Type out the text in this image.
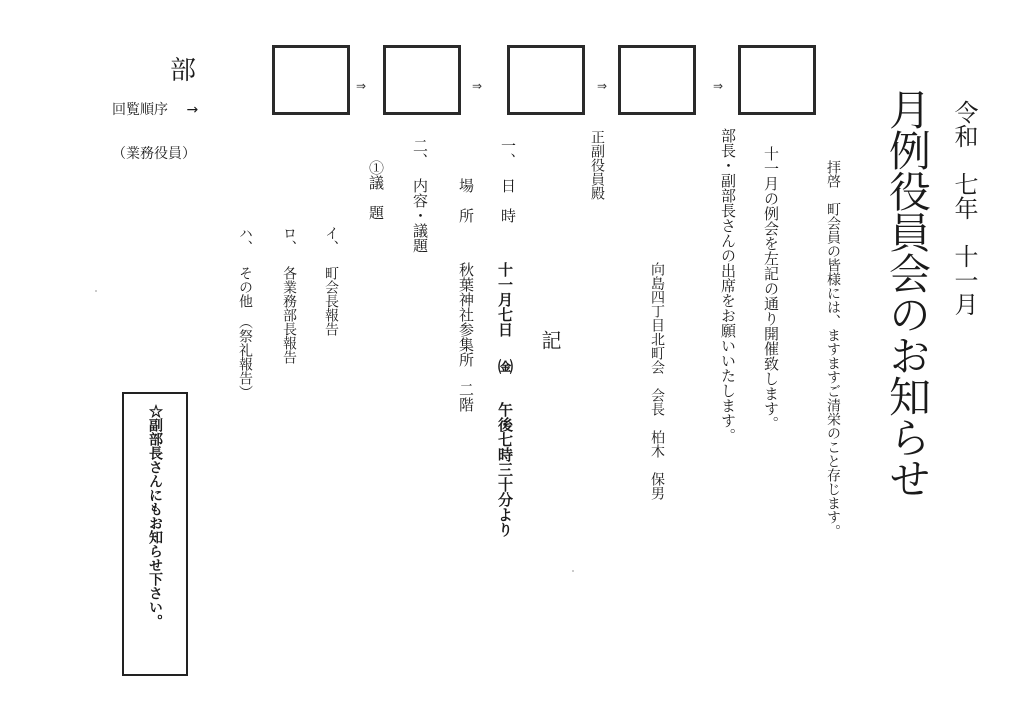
部
回覧順序 →
（業務役員）
⇒	⇒	⇒	⇒
令和　七年　十一月
月例役員会のお知らせ
拝啓　町会員の皆様には、ますますご清栄のこと存じます。
十一月の例会を左記の通り開催致します。
部長・副部長さんの出席をお願いいたします。
向島四丁目北町会　会長　柏木　保男
正副役員殿
記
一、
日　時
十一月七日 ㈮ 午後七時三十分より
場　所
秋葉神社参集所　二階
二、
内容・議題
①議　題
イ、
町会長報告
ロ、
各業務部長報告
ハ、
その他　（祭礼報告）
☆副部長さんにもお知らせ下さい。
